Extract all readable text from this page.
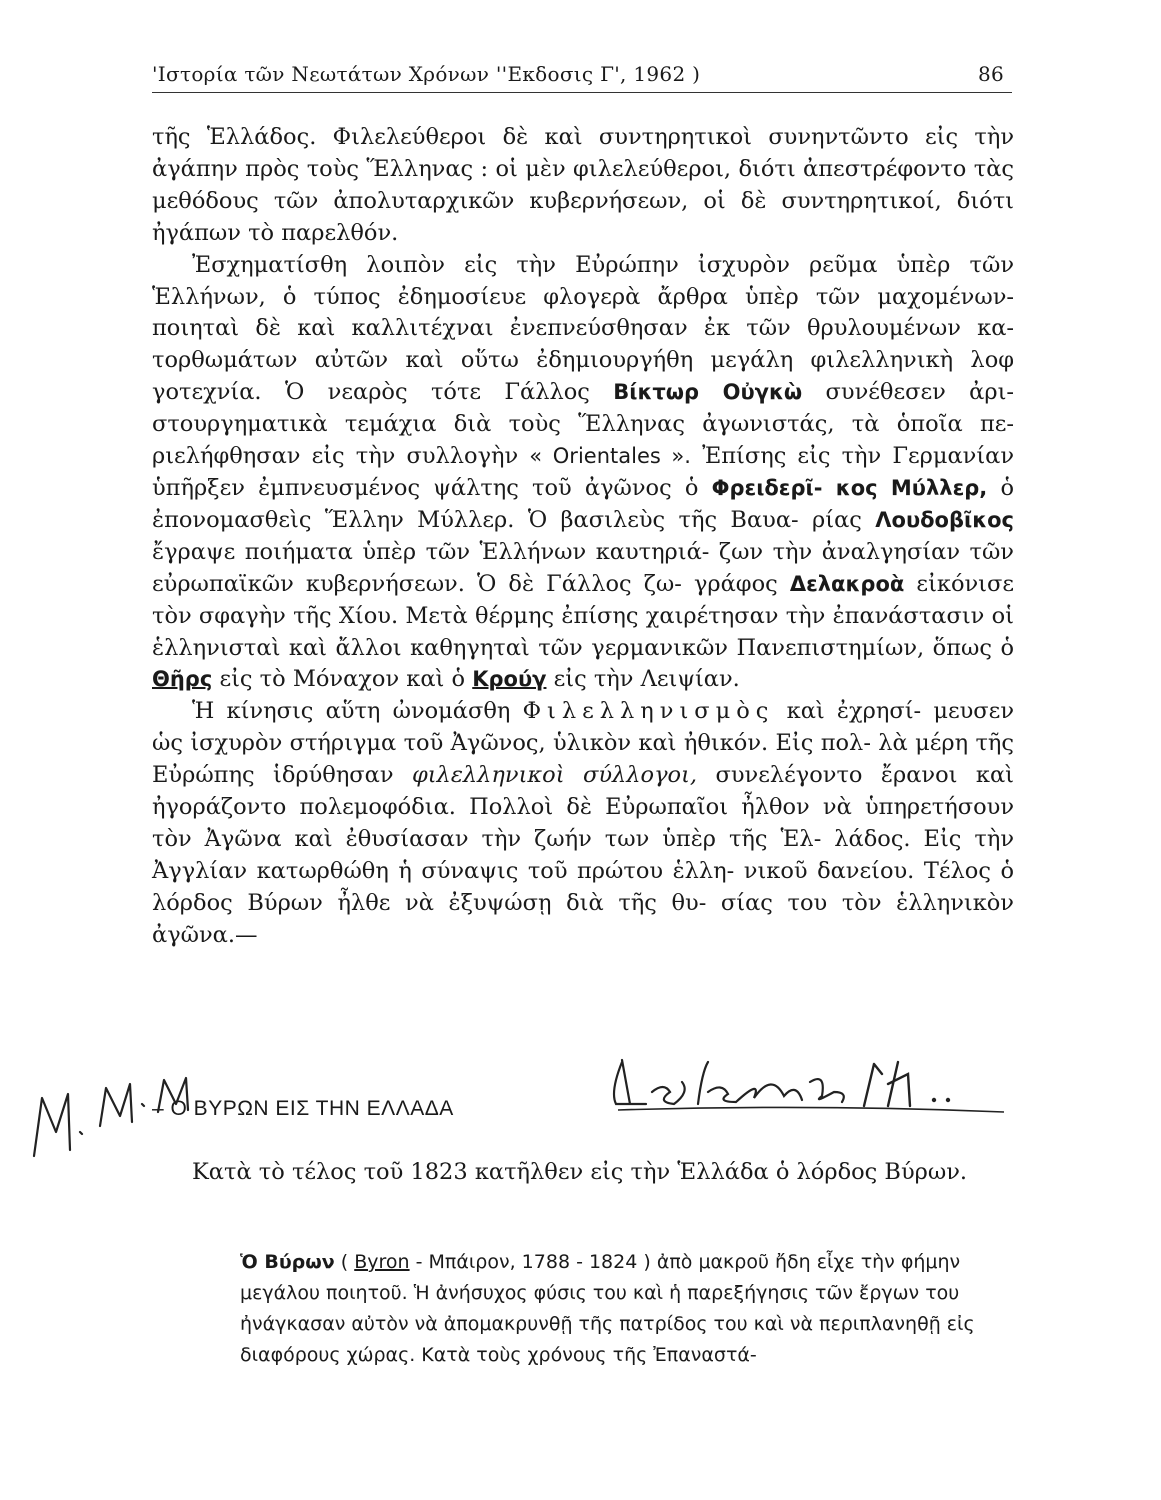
'Ιστορία τῶν Νεωτάτων Χρόνων ''Εκδοσις Γ', 1962 )	86

τῆς Ἑλλάδος. Φιλελεύθεροι δὲ καὶ συντηρητικοὶ συνηντῶντο εἰς τὴν ἀγάπην πρὸς τοὺς Ἕλληνας : οἱ μὲν φιλελεύθεροι, διότι ἀπεστρέφοντο τὰς μεθόδους τῶν ἀπολυταρχικῶν κυβερνήσεων, οἱ δὲ συντηρητικοί, διότι ἠγάπων τὸ παρελθόν.

Ἐσχηματίσθη λοιπὸν εἰς τὴν Εὐρώπην ἰσχυρὸν ρεῦμα ὑπὲρ τῶν Ἑλλήνων, ὁ τύπος ἐδημοσίευε φλογερὰ ἄρθρα ὑπὲρ τῶν μαχομένων- ποιηταὶ δὲ καὶ καλλιτέχναι ἐνεπνεύσθησαν ἐκ τῶν θρυλουμένων κα- τορθωμάτων αὐτῶν καὶ οὕτω ἐδημιουργήθη μεγάλη φιλελληνικὴ λοφ γοτεχνία. Ὁ νεαρὸς τότε Γάλλος Βίκτωρ Οὐγκὼ συνέθεσεν ἀρι- στουργηματικὰ τεμάχια διὰ τοὺς Ἕλληνας ἀγωνιστάς, τὰ ὁποῖα πε- ριελήφθησαν εἰς τὴν συλλογὴν « Orientales ». Ἐπίσης εἰς τὴν Γερμανίαν ὑπῆρξεν ἐμπνευσμένος ψάλτης τοῦ ἀγῶνος ὁ Φρειδερῖ- κος Μύλλερ, ὁ ἐπονομασθεὶς Ἕλλην Μύλλερ. Ὁ βασιλεὺς τῆς Βαυα- ρίας Λουδοβῖκος ἔγραψε ποιήματα ὑπὲρ τῶν Ἑλλήνων καυτηριά- ζων τὴν ἀναλγησίαν τῶν εὐρωπαϊκῶν κυβερνήσεων. Ὁ δὲ Γάλλος ζω- γράφος Δελακροὰ εἰκόνισε τὸν σφαγὴν τῆς Χίου. Μετὰ θέρμης ἐπίσης χαιρέτησαν τὴν ἐπανάστασιν οἱ ἑλληνισταὶ καὶ ἄλλοι καθηγηταὶ τῶν γερμανικῶν Πανεπιστημίων, ὅπως ὁ Θῆρς εἰς τὸ Μόναχον καὶ ὁ Κρούγ εἰς τὴν Λειψίαν.

Ἡ κίνησις αὕτη ὠνομάσθη Φιλελληνισμὸς καὶ ἐχρησί- μευσεν ὡς ἰσχυρὸν στήριγμα τοῦ Ἀγῶνος, ὑλικὸν καὶ ἠθικόν. Εἰς πολ- λὰ μέρη τῆς Εὐρώπης ἱδρύθησαν φιλελληνικοὶ σύλλογοι, συνελέγοντο ἔρανοι καὶ ἠγοράζοντο πολεμοφόδια. Πολλοὶ δὲ Εὐρωπαῖοι ἦλθον νὰ ὑπηρετήσουν τὸν Ἀγῶνα καὶ ἐθυσίασαν τὴν ζωήν των ὑπὲρ τῆς Ἑλ- λάδος. Εἰς τὴν Ἀγγλίαν κατωρθώθη ἡ σύναψις τοῦ πρώτου ἑλλη- νικοῦ δανείου. Τέλος ὁ λόρδος Βύρων ἦλθε νὰ ἐξυψώσῃ διὰ τῆς θυ- σίας του τὸν ἑλληνικὸν ἀγῶνα.—

– Ο ΒΥΡΩΝ ΕΙΣ ΤΗΝ ΕΛΛΑΔΑ

Κατὰ τὸ τέλος τοῦ 1823 κατῆλθεν εἰς τὴν Ἑλλάδα ὁ λόρδος Βύρων.

Ὁ Βύρων ( Byron - Μπάιρον, 1788 - 1824 ) ἀπὸ μακροῦ ἤδη εἶχε τὴν φήμην μεγάλου ποιητοῦ. Ἡ ἀνήσυχος φύσις του καὶ ἡ παρεξήγησις τῶν ἔργων του ἠνάγκασαν αὐτὸν νὰ ἀπομακρυνθῇ τῆς πατρίδος του καὶ νὰ περιπλανηθῇ εἰς διαφόρους χώρας. Κατὰ τοὺς χρόνους τῆς Ἐπαναστά-
